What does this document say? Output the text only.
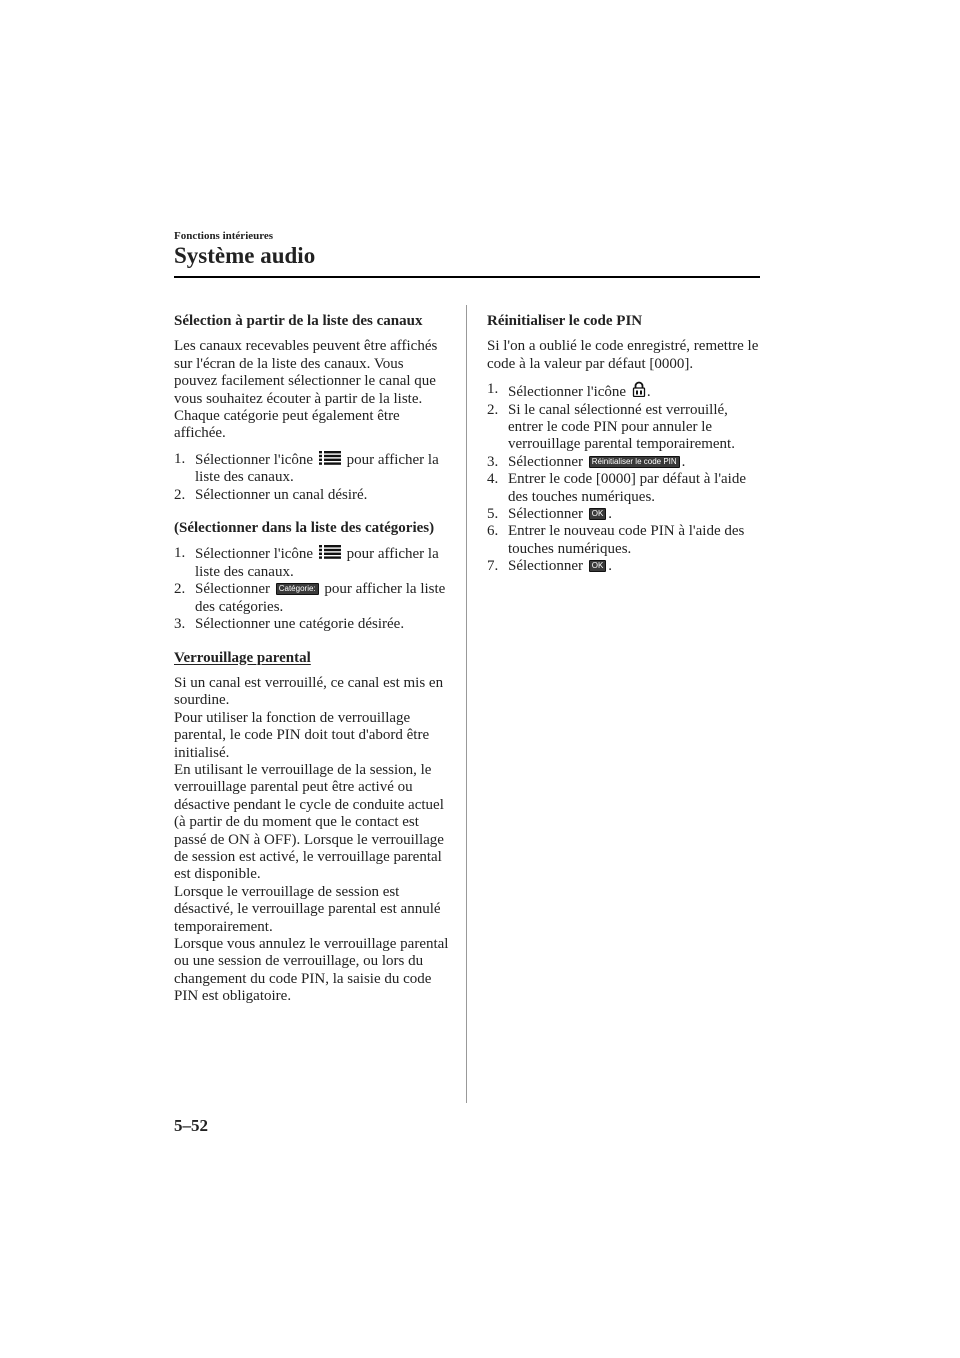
Fonctions intérieures
Système audio

Sélection à partir de la liste des canaux

Les canaux recevables peuvent être affichés sur l'écran de la liste des canaux. Vous pouvez facilement sélectionner le canal que vous souhaitez écouter à partir de la liste. Chaque catégorie peut également être affichée.

1. Sélectionner l'icône pour afficher la liste des canaux.
2. Sélectionner un canal désiré.

(Sélectionner dans la liste des catégories)

1. Sélectionner l'icône pour afficher la liste des canaux.
2. Sélectionner Catégorie: pour afficher la liste des catégories.
3. Sélectionner une catégorie désirée.

Verrouillage parental

Si un canal est verrouillé, ce canal est mis en sourdine.

Pour utiliser la fonction de verrouillage parental, le code PIN doit tout d'abord être initialisé.

En utilisant le verrouillage de la session, le verrouillage parental peut être activé ou désactive pendant le cycle de conduite actuel (à partir de du moment que le contact est passé de ON à OFF). Lorsque le verrouillage de session est activé, le verrouillage parental est disponible.

Lorsque le verrouillage de session est désactivé, le verrouillage parental est annulé temporairement.

Lorsque vous annulez le verrouillage parental ou une session de verrouillage, ou lors du changement du code PIN, la saisie du code PIN est obligatoire.

Réinitialiser le code PIN

Si l'on a oublié le code enregistré, remettre le code à la valeur par défaut [0000].

1. Sélectionner l'icône .
2. Si le canal sélectionné est verrouillé, entrer le code PIN pour annuler le verrouillage parental temporairement.
3. Sélectionner Réinitialiser le code PIN .
4. Entrer le code [0000] par défaut à l'aide des touches numériques.
5. Sélectionner OK .
6. Entrer le nouveau code PIN à l'aide des touches numériques.
7. Sélectionner OK .
5–52
